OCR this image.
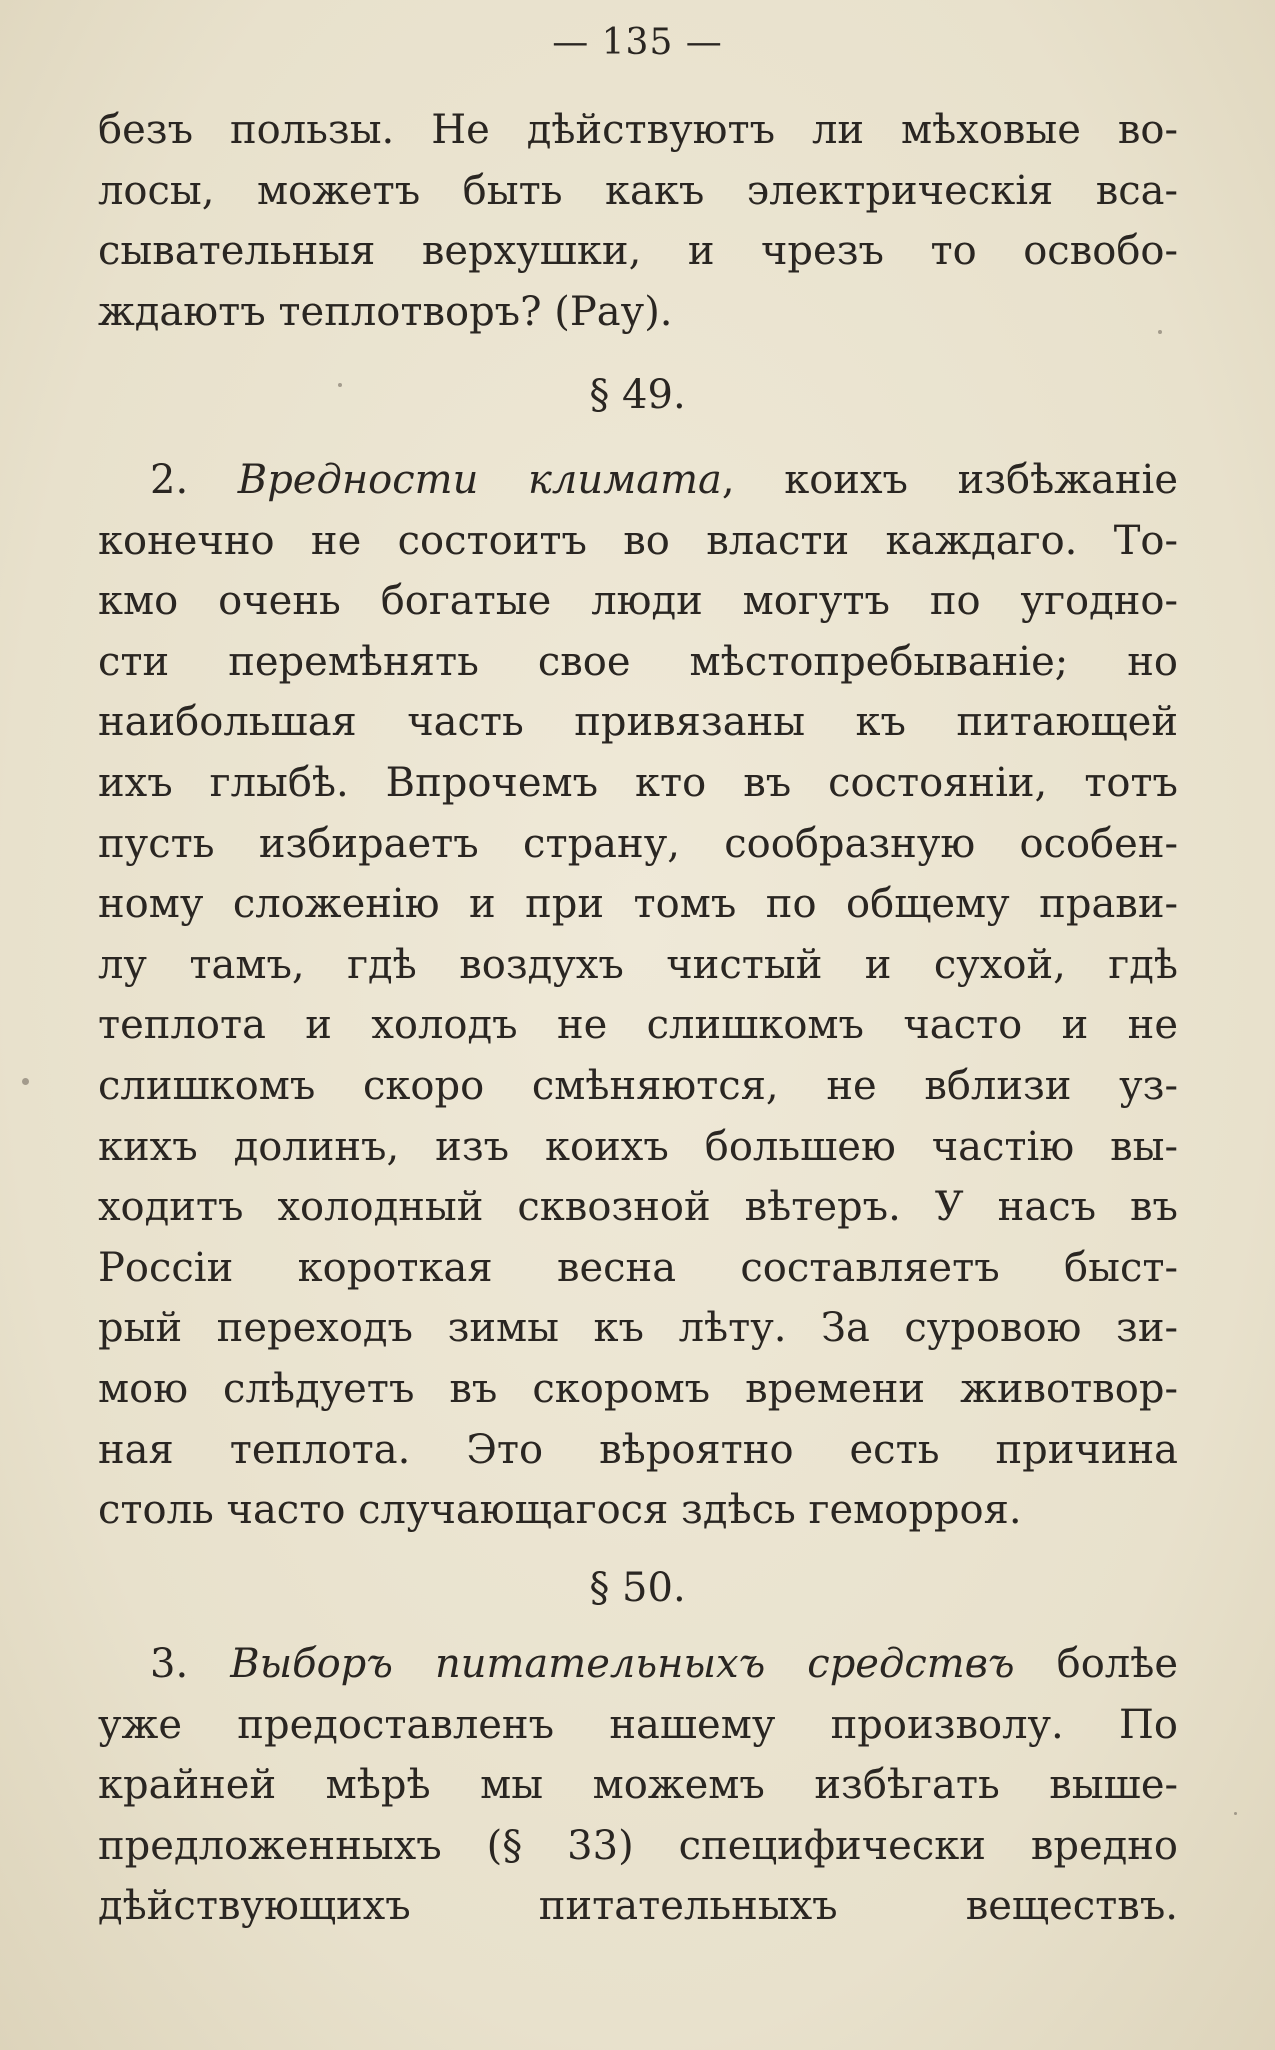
— 135 —
безъ пользы. Не дѣйствуютъ ли мѣховые во-
лосы, можетъ быть какъ электрическія вса-
сывательныя верхушки, и чрезъ то освобо-
ждаютъ теплотворъ? (Рау).
§ 49.
2. Вредности климата, коихъ избѣжаніе
конечно не состоитъ во власти каждаго. То-
кмо очень богатые люди могутъ по угодно-
сти перемѣнять свое мѣстопребываніе; но
наибольшая часть привязаны къ питающей
ихъ глыбѣ. Впрочемъ кто въ состояніи, тотъ
пусть избираетъ страну, сообразную особен-
ному сложенію и при томъ по общему прави-
лу тамъ, гдѣ воздухъ чистый и сухой, гдѣ
теплота и холодъ не слишкомъ часто и не
слишкомъ скоро смѣняются, не вблизи уз-
кихъ долинъ, изъ коихъ большею частію вы-
ходитъ холодный сквозной вѣтеръ. У насъ въ
Россіи короткая весна составляетъ быст-
рый переходъ зимы къ лѣту. За суровою зи-
мою слѣдуетъ въ скоромъ времени животвор-
ная теплота. Это вѣроятно есть причина
столь часто случающагося здѣсь геморроя.
§ 50.
3. Выборъ питательныхъ средствъ болѣе
уже предоставленъ нашему произволу. По
крайней мѣрѣ мы можемъ избѣгать выше-
предложенныхъ (§ 33) специфически вредно
дѣйствующихъ питательныхъ веществъ.
